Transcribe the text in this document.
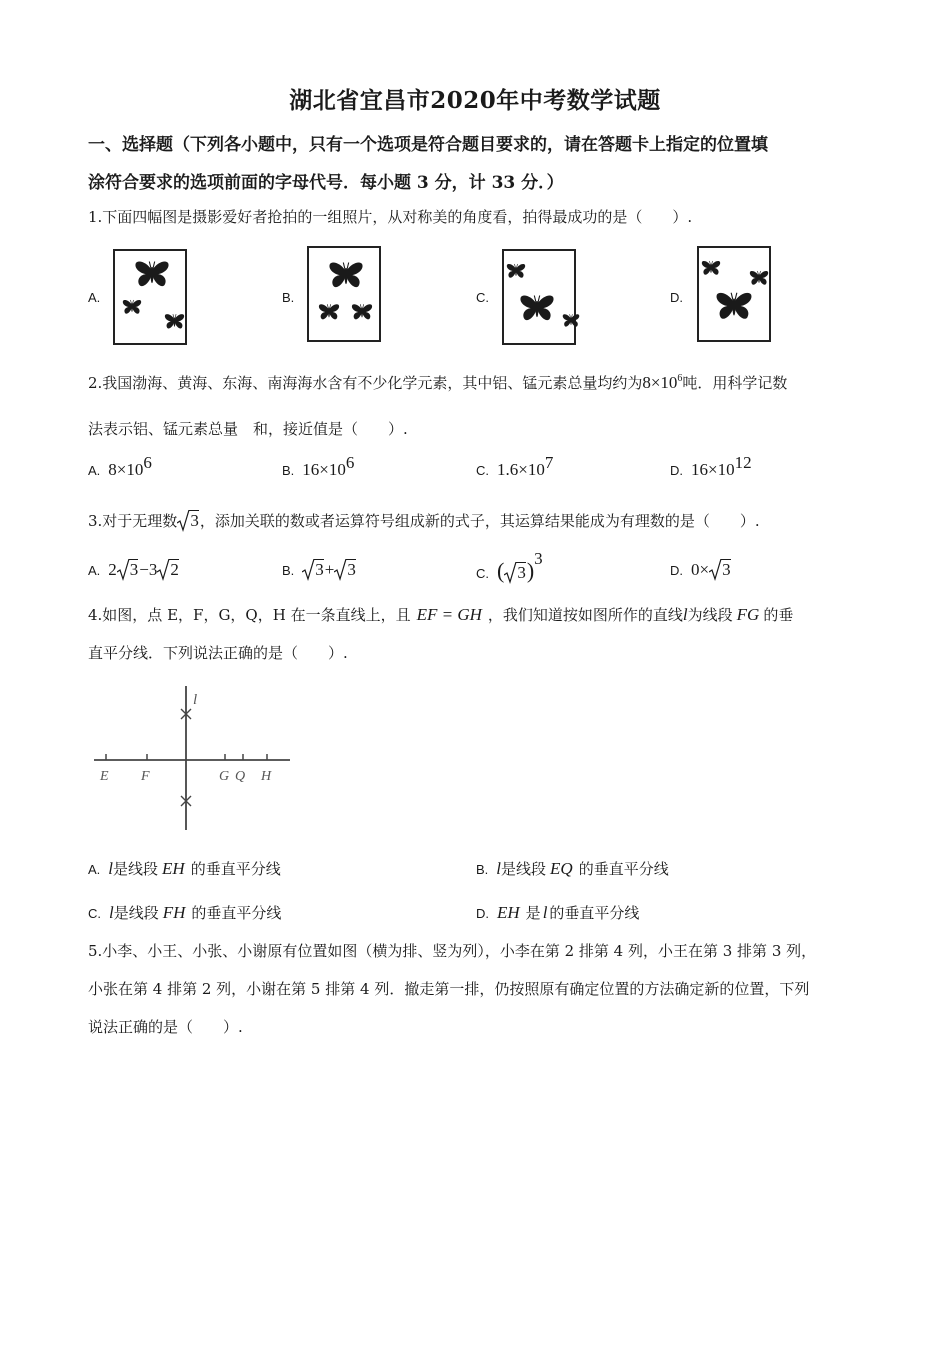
湖北省宜昌市2020年中考数学试题
一、选择题（下列各小题中，只有一个选项是符合题目要求的，请在答题卡上指定的位置填
涂符合要求的选项前面的字母代号．每小题 3 分，计 33 分．）
1.下面四幅图是摄影爱好者抢拍的一组照片，从对称美的角度看，拍得最成功的是（　　）.
A.	B.	C.	D.
2.我国渤海、黄海、东海、南海海水含有不少化学元素，其中铝、锰元素总量均约为$8\times 10^6$吨．用科学记数
法表示铝、锰元素总量　和，接近值是（　　）.
A. $8\times 10^6$	B. $16\times 10^6$	C. $1.6\times 10^7$	D. $16\times 10^{12}$
3.对于无理数 3，添加关联的数或者运算符号组成新的式子，其运算结果能成为有理数的是（　　）.
A. 2 3−3 2	B. 3+ 3	C. ( 3)$^3$
D. 0× 3
4.如图，点 E，F，G，Q，H 在一条直线上，且 EF = GH ，我们知道按如图所作的直线l为线段 FG 的垂
直平分线．下列说法正确的是（　　）.
l
E F	G Q H
A. l是线段 EH 的垂直平分线	B. l是线段 EQ 的垂直平分线
C. l是线段 FH 的垂直平分线	D. EH 是 l 的垂直平分线
5.小李、小王、小张、小谢原有位置如图（横为排、竖为列），小李在第 2 排第 4 列，小王在第 3 排第 3 列，
小张在第 4 排第 2 列，小谢在第 5 排第 4 列．撤走第一排，仍按照原有确定位置的方法确定新的位置，下列
说法正确的是（　　）.
